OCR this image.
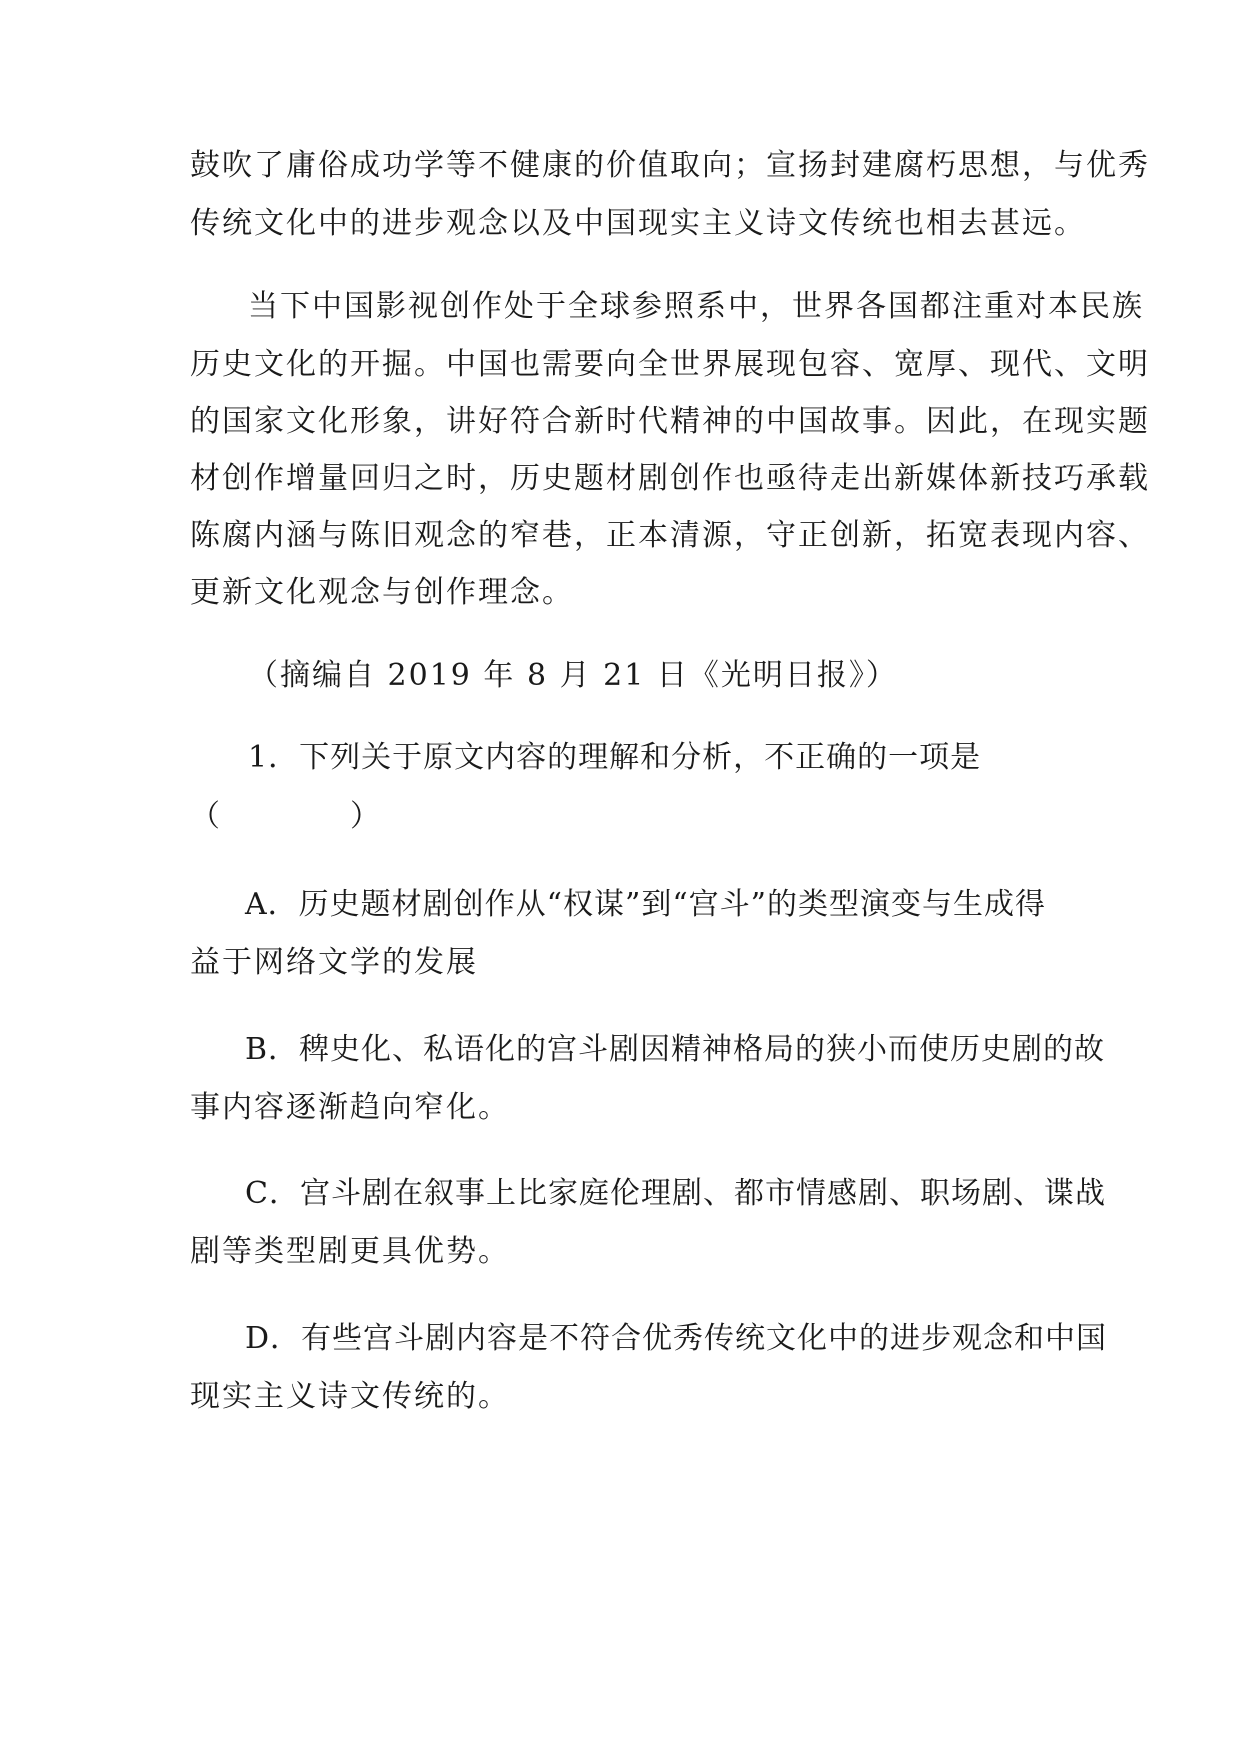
鼓吹了庸俗成功学等不健康的价值取向；宣扬封建腐朽思想，与优秀
传统文化中的进步观念以及中国现实主义诗文传统也相去甚远。
当下中国影视创作处于全球参照系中，世界各国都注重对本民族
历史文化的开掘。中国也需要向全世界展现包容、宽厚、现代、文明
的国家文化形象，讲好符合新时代精神的中国故事。因此，在现实题
材创作增量回归之时，历史题材剧创作也亟待走出新媒体新技巧承载
陈腐内涵与陈旧观念的窄巷，正本清源，守正创新，拓宽表现内容、
更新文化观念与创作理念。
（摘编自 2019 年 8 月 21 日《光明日报》）
1．下列关于原文内容的理解和分析，不正确的一项是
（　　　　）
A．历史题材剧创作从“权谋”到“宫斗”的类型演变与生成得
益于网络文学的发展
B．稗史化、私语化的宫斗剧因精神格局的狭小而使历史剧的故
事内容逐渐趋向窄化。
C．宫斗剧在叙事上比家庭伦理剧、都市情感剧、职场剧、谍战
剧等类型剧更具优势。
D．有些宫斗剧内容是不符合优秀传统文化中的进步观念和中国
现实主义诗文传统的。
